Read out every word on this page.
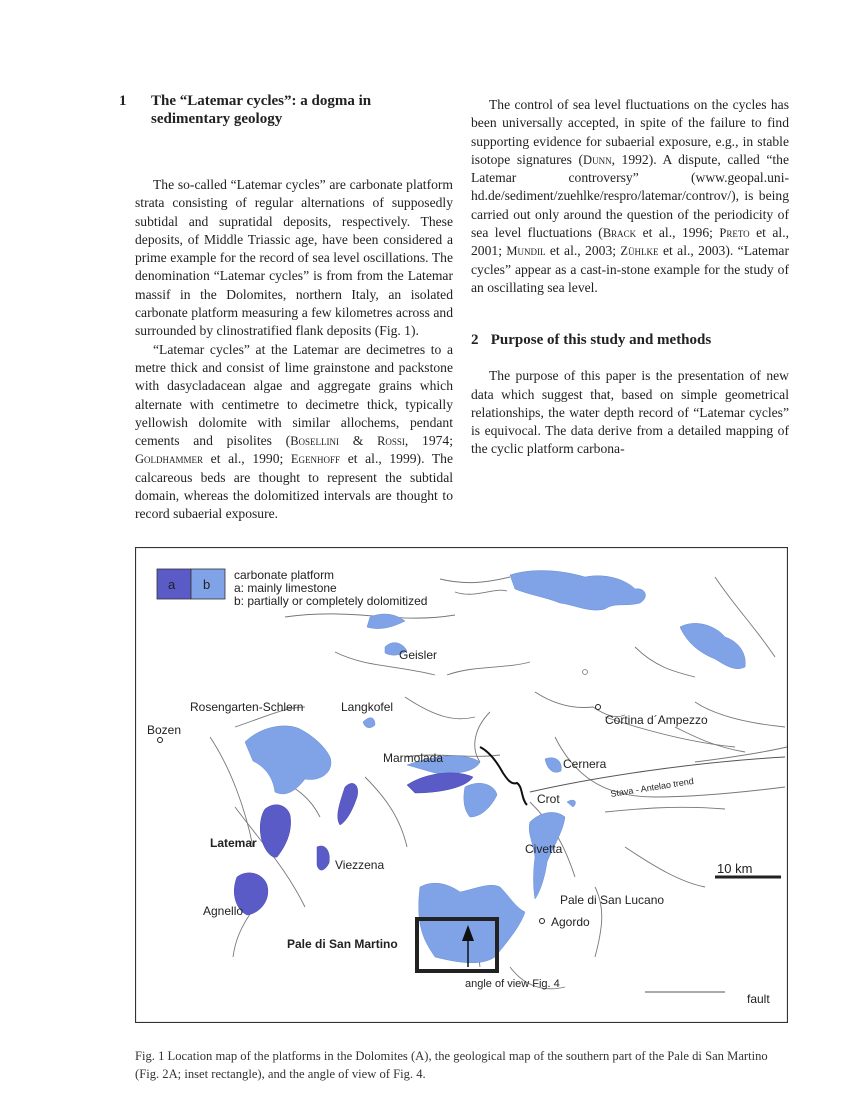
1 The “Latemar cycles”: a dogma in sedimentary geology

The so-called “Latemar cycles” are carbonate platform strata consisting of regular alternations of supposedly subtidal and supratidal deposits, respectively. These deposits, of Middle Triassic age, have been considered a prime example for the record of sea level oscillations. The denomination “Latemar cycles” is from from the Latemar massif in the Dolomites, northern Italy, an isolated carbonate platform measuring a few kilometres across and surrounded by clinostratified flank deposits (Fig. 1).

“Latemar cycles” at the Latemar are decimetres to a metre thick and consist of lime grainstone and packstone with dasycladacean algae and aggregate grains which alternate with centimetre to decimetre thick, typically yellowish dolomite with similar allochems, pendant cements and pisolites (Bosellini & Rossi, 1974; Goldhammer et al., 1990; Egenhoff et al., 1999). The calcareous beds are thought to represent the subtidal domain, whereas the dolomitized intervals are thought to record subaerial exposure.

The control of sea level fluctuations on the cycles has been universally accepted, in spite of the failure to find supporting evidence for subaerial exposure, e.g., in stable isotope signatures (Dunn, 1992). A dispute, called “the Latemar controversy” (www.geopal.uni-hd.de/sediment/zuehlke/respro/latemar/controv/), is being carried out only around the question of the periodicity of sea level fluctuations (Brack et al., 1996; Preto et al., 2001; Mundil et al., 2003; Zühlke et al., 2003). “Latemar cycles” appear as a cast-in-stone example for the study of an oscillating sea level.

2 Purpose of this study and methods

The purpose of this paper is the presentation of new data which suggest that, based on simple geometrical relationships, the water depth record of “Latemar cycles” is equivocal. The data derive from a detailed mapping of the cyclic platform carbona-

a b
carbonate platform
a: mainly limestone
b: partially or completely dolomitized
Geisler
Rosengarten-Schlern	Langkofel
Bozen
Cortina d´Ampezzo
Marmolada	Cernera
Stava - Antelao trend
Crot
Latemar
Viezzena
Civetta
10 km
Agnello
Pale di San Lucano
Agordo
Pale di San Martino
angle of view Fig. 4
fault
Fig. 1 Location map of the platforms in the Dolomites (A), the geological map of the southern part of the Pale di San Martino (Fig. 2A; inset rectangle), and the angle of view of Fig. 4.
